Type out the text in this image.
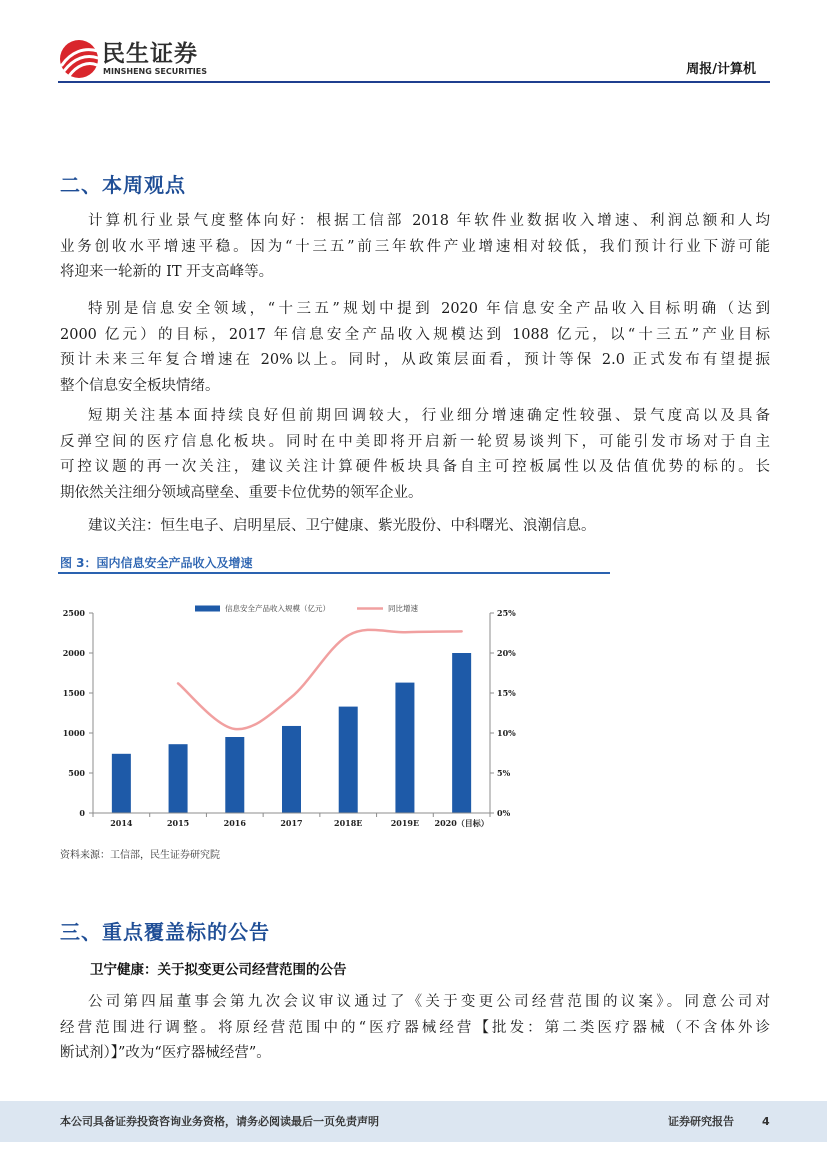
民生证券
MINSHENG SECURITIES	周报/计算机
二、本周观点
计算机行业景气度整体向好：根据工信部 2018 年软件业数据收入增速、利润总额和人均
业务创收水平增速平稳。因为“十三五”前三年软件产业增速相对较低，我们预计行业下游可能
将迎来一轮新的 IT 开支高峰等。
特别是信息安全领域，“十三五”规划中提到 2020 年信息安全产品收入目标明确（达到
2000 亿元）的目标，2017 年信息安全产品收入规模达到 1088 亿元，以“十三五”产业目标
预计未来三年复合增速在 20%以上。同时，从政策层面看，预计等保 2.0 正式发布有望提振
整个信息安全板块情绪。
短期关注基本面持续良好但前期回调较大，行业细分增速确定性较强、景气度高以及具备
反弹空间的医疗信息化板块。同时在中美即将开启新一轮贸易谈判下，可能引发市场对于自主
可控议题的再一次关注，建议关注计算硬件板块具备自主可控板属性以及估值优势的标的。长
期依然关注细分领域高壁垒、重要卡位优势的领军企业。
建议关注：恒生电子、启明星辰、卫宁健康、紫光股份、中科曙光、浪潮信息。
图 3：国内信息安全产品收入及增速
0
500
1000
1500
2000
2500
0%
5%
10%
15%
20%
25%
2014	2015	2016	2017	2018E	2019E 2020（目标）
信息安全产品收入规模（亿元）	同比增速
资料来源：工信部，民生证券研究院
三、重点覆盖标的公告
卫宁健康：关于拟变更公司经营范围的公告
公司第四届董事会第九次会议审议通过了《关于变更公司经营范围的议案》。同意公司对
经营范围进行调整。将原经营范围中的“医疗器械经营【批发：第二类医疗器械（不含体外诊
断试剂）】”改为“医疗器械经营”。
本公司具备证券投资咨询业务资格，请务必阅读最后一页免责声明	证券研究报告	4
